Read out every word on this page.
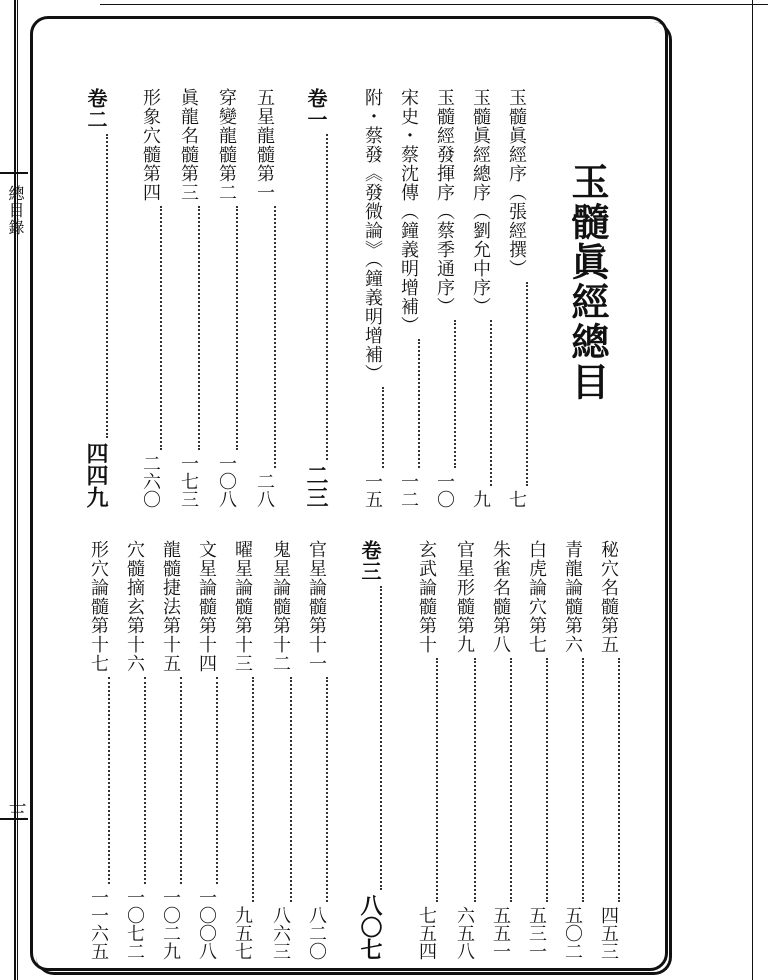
總目錄
三
玉髓眞經總目
玉髓眞經序（張經撰）
七
玉髓眞經總序（劉允中序）
九
玉髓經發揮序（蔡季通序）
一〇
宋史・蔡沈傳（鐘義明增補）
一二
附・蔡發《發微論》（鐘義明增補）
一五
卷一
二三
五星龍髓第一
二八
穿變龍髓第二
一〇八
眞龍名髓第三
一七三
形象穴髓第四
二六〇
卷二
四四九
秘穴名髓第五
四五三
青龍論髓第六
五〇二
白虎論穴第七
五三一
朱雀名髓第八
五五一
官星形髓第九
六五八
玄武論髓第十
七五四
卷三
八〇七
官星論髓第十一
八二〇
鬼星論髓第十二
八六三
曜星論髓第十三
九五七
文星論髓第十四
一〇〇八
龍髓捷法第十五
一〇二九
穴髓摘玄第十六
一〇七二
形穴論髓第十七
一一六五
